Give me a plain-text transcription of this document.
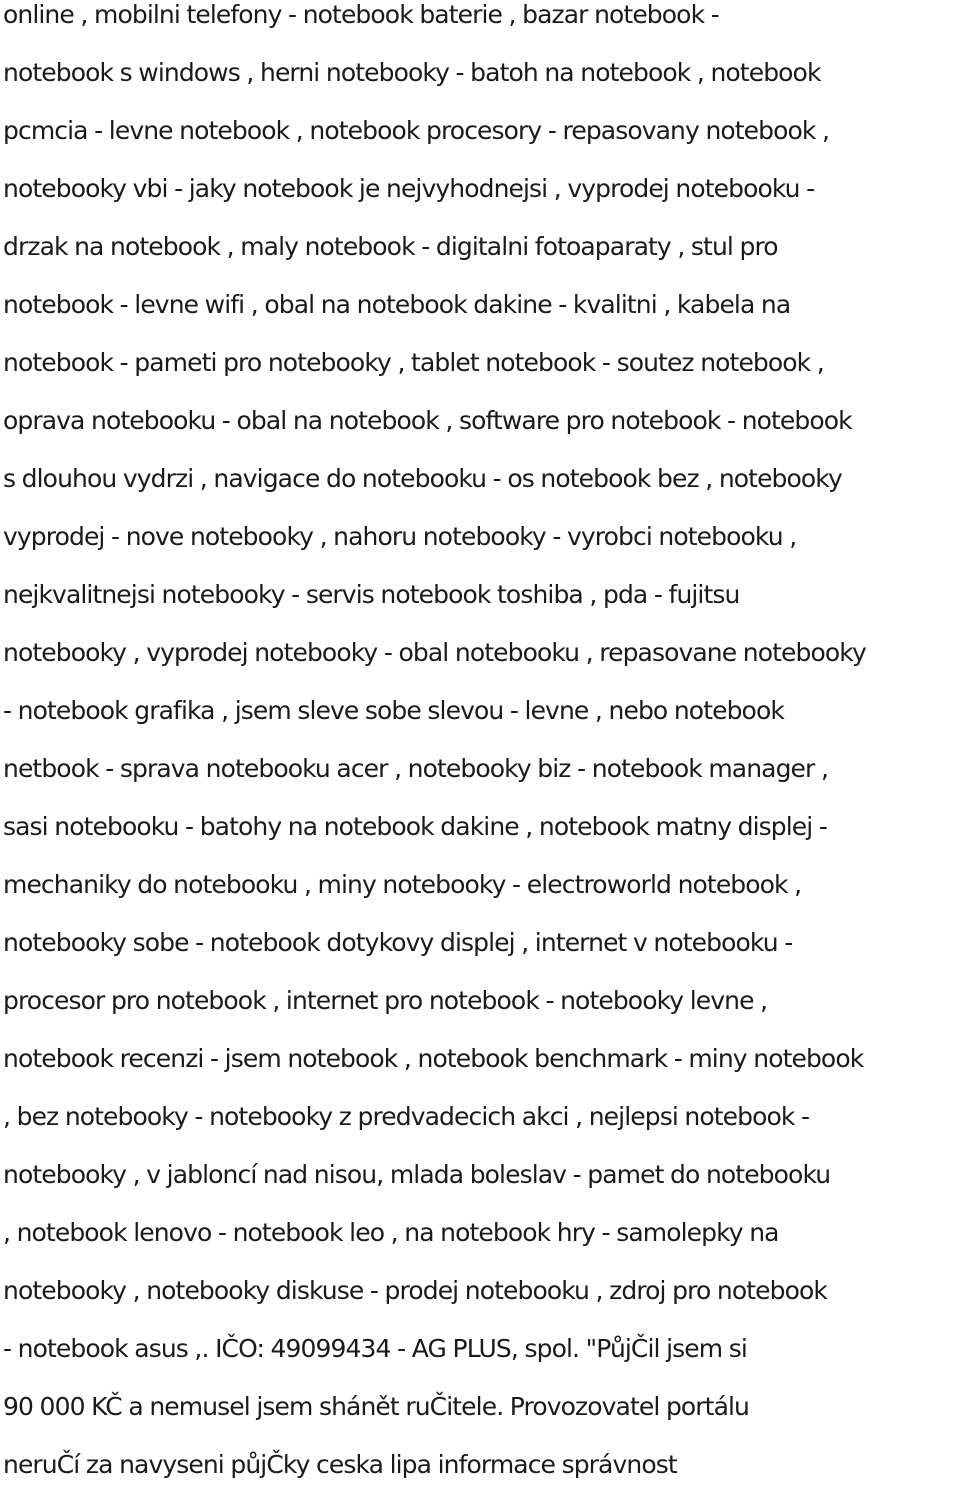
online , mobilni telefony - notebook baterie , bazar notebook -
notebook s windows , herni notebooky - batoh na notebook , notebook
pcmcia - levne notebook , notebook procesory - repasovany notebook ,
notebooky vbi - jaky notebook je nejvyhodnejsi , vyprodej notebooku -
drzak na notebook , maly notebook - digitalni fotoaparaty , stul pro
notebook - levne wifi , obal na notebook dakine - kvalitni , kabela na
notebook - pameti pro notebooky , tablet notebook - soutez notebook ,
oprava notebooku - obal na notebook , software pro notebook - notebook
s dlouhou vydrzi , navigace do notebooku - os notebook bez , notebooky
vyprodej - nove notebooky , nahoru notebooky - vyrobci notebooku ,
nejkvalitnejsi notebooky - servis notebook toshiba , pda - fujitsu
notebooky , vyprodej notebooky - obal notebooku , repasovane notebooky
- notebook grafika , jsem sleve sobe slevou - levne , nebo notebook
netbook - sprava notebooku acer , notebooky biz - notebook manager ,
sasi notebooku - batohy na notebook dakine , notebook matny displej -
mechaniky do notebooku , miny notebooky - electroworld notebook ,
notebooky sobe - notebook dotykovy displej , internet v notebooku -
procesor pro notebook , internet pro notebook - notebooky levne ,
notebook recenzi - jsem notebook , notebook benchmark - miny notebook
, bez notebooky - notebooky z predvadecich akci , nejlepsi notebook -
notebooky , v jabloncí nad nisou, mlada boleslav - pamet do notebooku
, notebook lenovo - notebook leo , na notebook hry - samolepky na
notebooky , notebooky diskuse - prodej notebooku , zdroj pro notebook
- notebook asus ,. IČO: 49099434 - AG PLUS, spol. "PůjČil jsem si
90 000 KČ a nemusel jsem shánět ruČitele. Provozovatel portálu
neruČí za navyseni půjČky ceska lipa informace správnost
